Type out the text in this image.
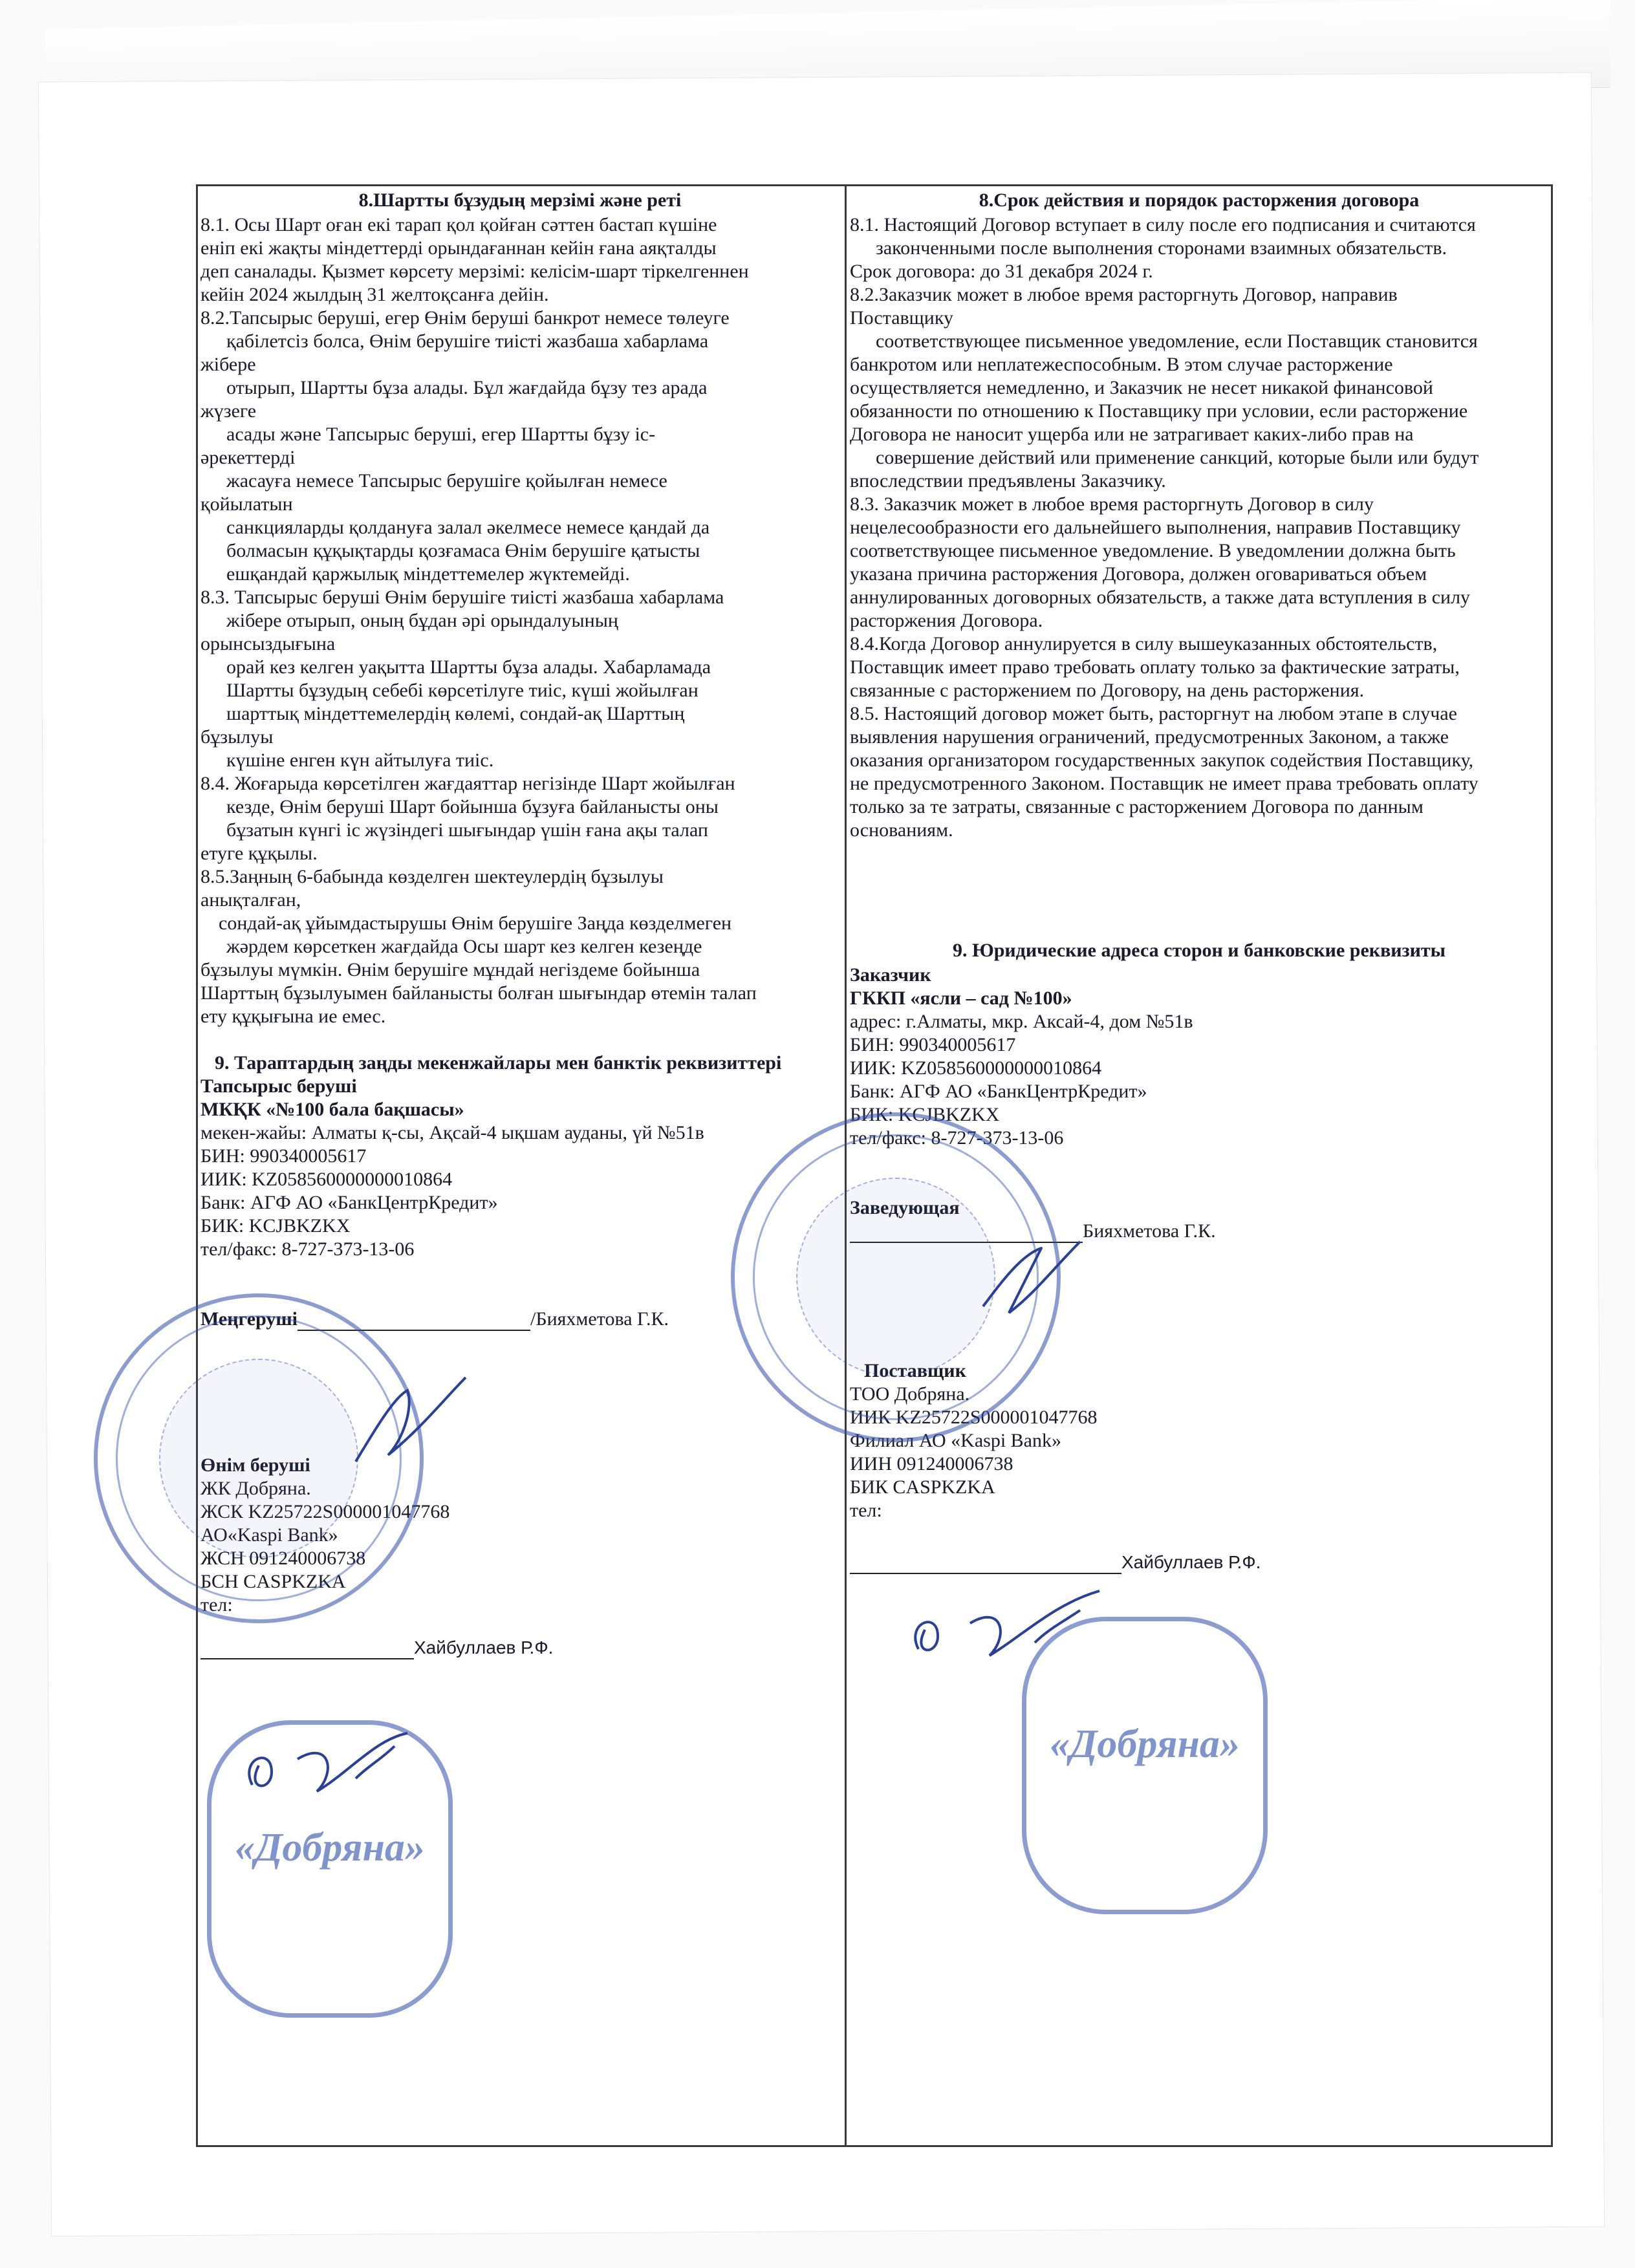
8.Шартты бұзудың мерзімі және реті
8.1. Осы Шарт оған екі тарап қол қойған сәттен бастап күшіне
еніп екі жақты міндеттерді орындағаннан кейін ғана аяқталды
деп саналады. Қызмет көрсету мерзімі: келісім-шарт тіркелгеннен
кейін 2024 жылдың 31 желтоқсанға дейін.
8.2.Тапсырыс беруші, егер Өнім беруші банкрот немесе төлеуге
қабілетсіз болса, Өнім берушіге тиісті жазбаша хабарлама
жібере
отырып, Шартты бұза алады. Бұл жағдайда бұзу тез арада
жүзеге
асады және Тапсырыс беруші, егер Шартты бұзу іс-
әрекеттерді
жасауға немесе Тапсырыс берушіге қойылған немесе
қойылатын
санкцияларды қолдануға залал әкелмесе немесе қандай да
болмасын құқықтарды қозғамаса Өнім берушіге қатысты
ешқандай қаржылық міндеттемелер жүктемейді.
8.3. Тапсырыс беруші Өнім берушіге тиісті жазбаша хабарлама
жібере отырып, оның бұдан әрі орындалуының
орынсыздығына
орай кез келген уақытта Шартты бұза алады. Хабарламада
Шартты бұзудың себебі көрсетілуге тиіс, күші жойылған
шарттық міндеттемелердің көлемі, сондай-ақ Шарттың
бұзылуы
күшіне енген күн айтылуға тиіс.
8.4. Жоғарыда көрсетілген жағдаяттар негізінде Шарт жойылған
кезде, Өнім беруші Шарт бойынша бұзуға байланысты оны
бұзатын күнгі іс жүзіндегі шығындар үшін ғана ақы талап
етуге құқылы.
8.5.Заңның 6-бабында көзделген шектеулердің бұзылуы
анықталған,
сондай-ақ ұйымдастырушы Өнім берушіге Заңда көзделмеген
жәрдем көрсеткен жағдайда Осы шарт кез келген кезеңде
бұзылуы мүмкін. Өнім берушіге мұндай негіздеме бойынша
Шарттың бұзылуымен байланысты болған шығындар өтемін талап
ету құқығына ие емес.
9. Тараптардың заңды мекенжайлары мен банктік реквизиттері
Тапсырыс беруші
МКҚК «№100 бала бақшасы»
мекен-жайы: Алматы қ-сы, Ақсай-4 ықшам ауданы, үй №51в
БИН: 990340005617
ИИК: KZ058560000000010864
Банк: АГФ АО «БанкЦентрКредит»
БИК: KCJBKZKX
тел/факс: 8-727-373-13-06
Меңгеруші	/Бияхметова Г.К.
Өнім беруші
ЖК Добряна.
ЖСК KZ25722S000001047768
АО«Kaspi Bank»
ЖСН 091240006738
БСН CASPKZKA
тел:
Хайбуллаев Р.Ф.
8.Срок действия и порядок расторжения договора
8.1. Настоящий Договор вступает в силу после его подписания и считаются
законченными после выполнения сторонами взаимных обязательств.
Срок договора: до 31 декабря 2024 г.
8.2.Заказчик может в любое время расторгнуть Договор, направив
Поставщику
соответствующее письменное уведомление, если Поставщик становится
банкротом или неплатежеспособным. В этом случае расторжение
осуществляется немедленно, и Заказчик не несет никакой финансовой
обязанности по отношению к Поставщику при условии, если расторжение
Договора не наносит ущерба или не затрагивает каких-либо прав на
совершение действий или применение санкций, которые были или будут
впоследствии предъявлены Заказчику.
8.3. Заказчик может в любое время расторгнуть Договор в силу
нецелесообразности его дальнейшего выполнения, направив Поставщику
соответствующее письменное уведомление. В уведомлении должна быть
указана причина расторжения Договора, должен оговариваться объем
аннулированных договорных обязательств, а также дата вступления в силу
расторжения Договора.
8.4.Когда Договор аннулируется в силу вышеуказанных обстоятельств,
Поставщик имеет право требовать оплату только за фактические затраты,
связанные с расторжением по Договору, на день расторжения.
8.5. Настоящий договор может быть, расторгнут на любом этапе в случае
выявления нарушения ограничений, предусмотренных Законом, а также
оказания организатором государственных закупок содействия Поставщику,
не предусмотренного Законом. Поставщик не имеет права требовать оплату
только за те затраты, связанные с расторжением Договора по данным
основаниям.
9. Юридические адреса сторон и банковские реквизиты
Заказчик
ГККП «ясли – сад №100»
адрес: г.Алматы, мкр. Аксай-4, дом №51в
БИН: 990340005617
ИИК: KZ058560000000010864
Банк: АГФ АО «БанкЦентрКредит»
БИК: KCJBKZKX
тел/факс: 8-727-373-13-06
Заведующая
Бияхметова Г.К.
Поставщик
ТОО Добряна.
ИИК KZ25722S000001047768
Филиал АО «Kaspi Bank»
ИИН 091240006738
БИК CASPKZKA
тел:
Хайбуллаев Р.Ф.
«Добряна»
«Добряна»
